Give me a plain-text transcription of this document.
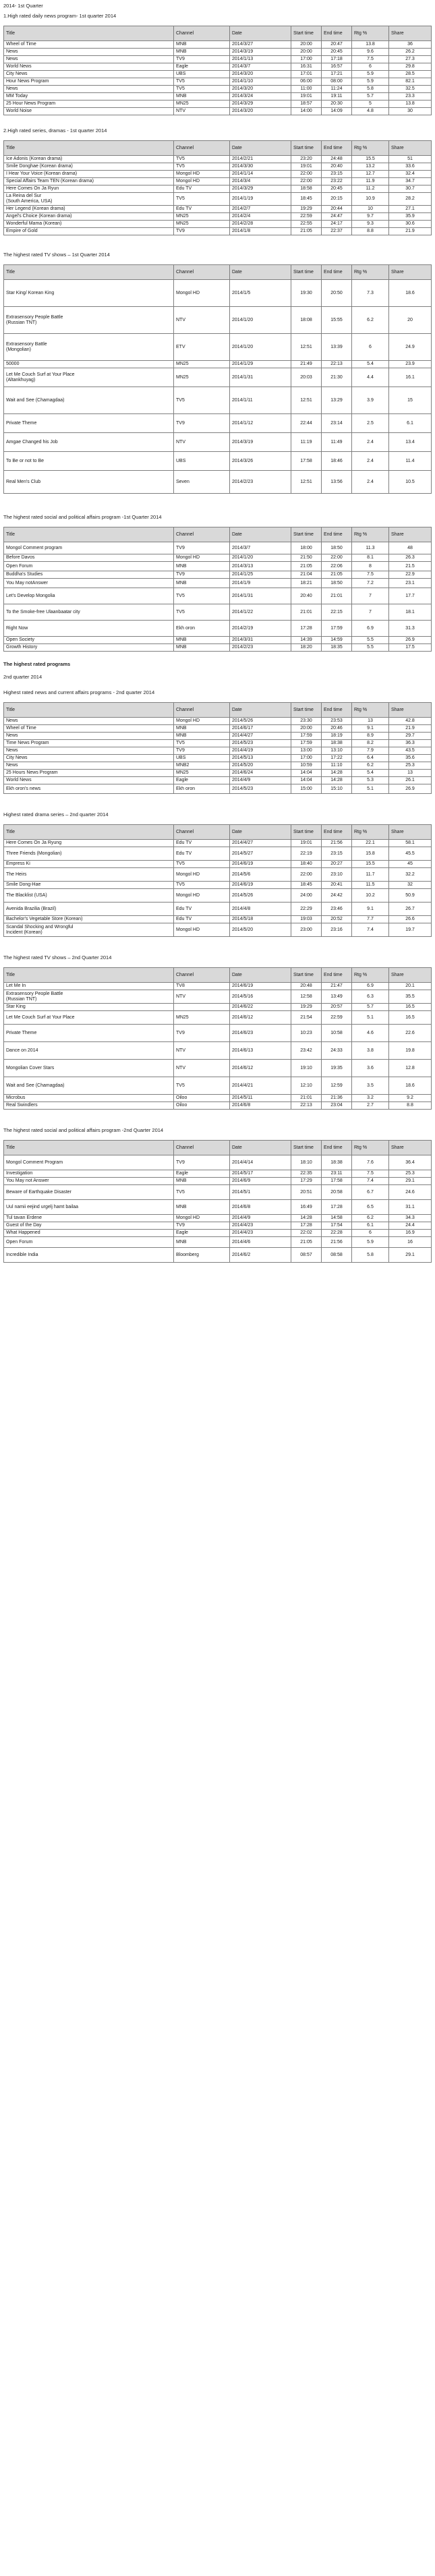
2014- 1st Quarter

1.High rated daily news program- 1st quarter 2014

Title	Channel	Date	Start time	End time	Rtg %	Share
Wheel of Time	MNB	2014/3/27	20:00	20:47	13.8	36
News	MNB	2014/3/19	20:00	20:45	9.6	26.2
News	TV9	2014/1/13	17:00	17:18	7.5	27.3
World News	Eagle	2014/3/7	16:31	16:57	6	29.8
City News	UBS	2014/3/20	17:01	17:21	5.9	28.5
Hour News Program	TV5	2014/1/10	06:00	08:00	5.9	82.1
News	TV5	2014/3/20	11:00	11:24	5.8	32.5
MM Today	MNB	2014/3/24	19:01	19:11	5.7	23.3
25 Hour News Program	MN25	2014/3/29	18:57	20:30	5	13.8
World Noise	NTV	2014/3/20	14:00	14:09	4.8	30

2.High rated series, dramas - 1st quarter 2014

Title	Channel	Date	Start time	End time	Rtg %	Share
Ice Adonis (Korean drama)	TV5	2014/2/21	23:20	24:48	15.5	51
Smile Donghae (Korean drama)	TV5	2014/3/30	19:01	20:40	13.2	33.6
I Hear Your Voice (Korean drama)	Mongol HD	2014/1/14	22:00	23:15	12.7	32.4
Special Affairs Team TEN (Korean drama)	Mongol HD	2014/3/4	22:00	23:22	11.9	34.7
Here Comes On Ja Ryun	Edu TV	2014/3/29	18:58	20:45	11.2	30.7
La Reina del Sur
(South America, USA)	TV5	2014/1/19	18:45	20:15	10.9	28.2
Her Legend (Korean drama)	Edu TV	2014/2/7	19:29	20:44	10	27.1
Angel's Choice (Korean drama)	MN25	2014/2/4	22:59	24:47	9.7	35.9
Wonderful Mama (Korean)	MN25	2014/2/28	22:55	24:17	9.3	30.6
Empire of Gold	TV9	2014/1/8	21:05	22:37	8.8	21.9

The highest rated TV shows – 1st Quarter 2014

Title	Channel	Date	Start time	End time	Rtg %	Share
Star King/ Korean King	Mongol HD	2014/1/5	19:30	20:50	7.3	18.6
Extrasensory People Battle
(Russian TNT)	NTV	2014/1/20	18:08	15:55	6.2	20
Extrasensory Battle
(Mongolian)	ETV	2014/1/20	12:51	13:39	6	24.9
50000	MN25	2014/1/29	21:49	22:13	5.4	23.9
Let Me Couch Surf at Your Place
(Altankhuyag)	MN25	2014/1/31	20:03	21:30	4.4	16.1
Wait and See (Chamagdaa)	TV5	2014/1/11	12:51	13:29	3.9	15
Private Theme	TV9	2014/1/12	22:44	23:14	2.5	6.1
Amgae Changed his Job	NTV	2014/3/19	11:19	11:49	2.4	13.4
To Be or not to Be	UBS	2014/3/26	17:58	18:46	2.4	11.4
Real Men's Club	Seven	2014/2/23	12:51	13:56	2.4	10.5

The highest rated social and political affairs program -1st Quarter 2014

Title	Channel	Date	Start time	End time	Rtg %	Share
Mongol Comment program	TV9	2014/3/7	18:00	18:50	11.3	48
Before Davos	Mongol HD	2014/1/20	21:50	22:00	8.1	26.3
Open Forum	MNB	2014/3/13	21:05	22:06	8	21.5
Buddha's Studies	TV9	2014/1/25	21:04	21:05	7.5	22.9
You May notAnswer	MNB	2014/1/9	18:21	18:50	7.2	23.1
Let's Develop Mongolia	TV5	2014/1/31	20:40	21:01	7	17.7
To the Smoke-free Ulaanbaatar city	TV5	2014/1/22	21:01	22:15	7	18.1
Right Now	Ekh oron	2014/2/19	17:28	17:59	6.9	31.3
Open Society	MNB	2014/3/31	14:39	14:59	5.5	26.9
Growth History	MNB	2014/2/23	18:20	18:35	5.5	17.5

The highest rated programs

2nd quarter 2014

Highest rated news and current affairs programs - 2nd quarter 2014

Title	Channel	Date	Start time	End time	Rtg %	Share
News	Mongol HD	2014/5/26	23:30	23:53	13	42.8
Wheel of Time	MNB	2014/6/17	20:00	20:46	9.1	21.9
News	MNB	2014/4/27	17:59	18:19	8.9	29.7
Time News Program	TV5	2014/5/23	17:59	18:38	8.2	36.3
News	TV9	2014/4/19	13:00	13:10	7.9	43.5
City News	UBS	2014/5/13	17:00	17:22	6.4	35.6
News	MNB2	2014/5/20	10:59	11:10	6.2	25.3
25 Hours News Program	MN25	2014/6/24	14:04	14:28	5.4	13
World News	Eagle	2014/4/9	14:04	14:28	5.3	26.1
Ekh oron's news	Ekh oron	2014/5/23	15:00	15:10	5.1	26.9

Highest rated drama series – 2nd quarter 2014

Title	Channel	Date	Start time	End time	Rtg %	Share
Here Comes On Ja Ryung	Edu TV	2014/4/27	19:01	21:56	22.1	58.1
Three Friends (Mongolian)	Edu TV	2014/5/27	22:19	23:15	15.8	45.5
Empress Ki	TV5	2014/6/19	18:40	20:27	15.5	45
The Heirs	Mongol HD	2014/5/6	22:00	23:10	11.7	32.2
Smile Dong-Hae	TV5	2014/6/19	18:45	20:41	11.5	32
The Blacklist (USA)	Mongol HD	2014/5/26	24:00	24:42	10.2	50.9
Avenida Brazilia (Brazil)	Edu TV	2014/4/8	22:29	23:46	9.1	26.7
Bachelor's Vegetable Store (Korean)	Edu TV	2014/5/18	19:03	20:52	7.7	26.6
Scandal Shocking and Wrongful
Incident (Korean)	Mongol HD	2014/5/20	23:00	23:16	7.4	19.7

The highest rated TV shows – 2nd Quarter 2014

Title	Channel	Date	Start time	End time	Rtg %	Share
Let Me In	TV8	2014/6/19	20:48	21:47	6.9	20.1
Extrasensory People Battle
(Russian TNT)	NTV	2014/5/16	12:58	13:49	6.3	35.5
Star King		2014/6/22	19:29	20:57	5.7	16.5
Let Me Couch Surf at Your Place	MN25	2014/6/12	21:54	22:59	5.1	16.5
Private Theme	TV9	2014/6/23	10:23	10:58	4.6	22.6
Dance on 2014	NTV	2014/6/13	23:42	24:33	3.8	19.8
Mongolian Cover Stars	NTV	2014/6/12	19:10	19:35	3.6	12.8
Wait and See (Chamagdaa)	TV5	2014/4/21	12:10	12:59	3.5	18.6
Microbus	Oiloo	2014/5/11	21:01	21:36	3.2	9.2
Real Swindlers	Oiloo	2014/6/8	22:13	23:04	2.7	8.8

The highest rated social and political affairs program -2nd Quarter 2014

Title	Channel	Date	Start time	End time	Rtg %	Share
Mongol Comment Program	TV9	2014/4/14	18:10	18:38	7.6	36.4
Investigation	Eagle	2014/5/17	22:35	23:11	7.5	25.3
You May not Answer	MNB	2014/6/9	17:29	17:58	7.4	29.1
Beware of Earthquake Disaster	TV5	2014/5/1	20:51	20:58	6.7	24.6
Uul namii eejind urgelj hamt bailaa	MNB	2014/6/8	16:49	17:28	6.5	31.1
Tul tavan Erdene	Mongol HD	2014/4/9	14:28	14:58	6.2	34.3
Guest of the Day	TV9	2014/4/23	17:28	17:54	6.1	24.4
What Happened	Eagle	2014/4/23	22:02	22:28	6	16.9
Open Forum	MNB	2014/4/6	21:05	21:56	5.9	16
Incredible India	Bloomberg	2014/6/2	08:57	08:58	5.8	29.1
